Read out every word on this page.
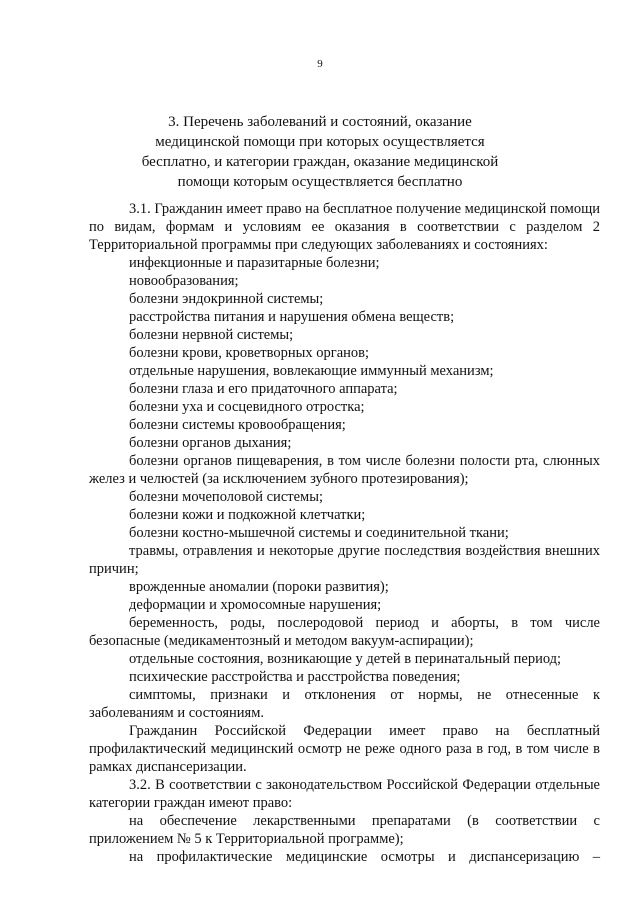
9
3. Перечень заболеваний и состояний, оказание
медицинской помощи при которых осуществляется
бесплатно, и категории граждан, оказание медицинской
помощи которым осуществляется бесплатно

3.1. Гражданин имеет право на бесплатное получение медицинской помощи по видам, формам и условиям ее оказания в соответствии с разделом 2 Территориальной программы при следующих заболеваниях и состояниях:

инфекционные и паразитарные болезни;

новообразования;

болезни эндокринной системы;

расстройства питания и нарушения обмена веществ;

болезни нервной системы;

болезни крови, кроветворных органов;

отдельные нарушения, вовлекающие иммунный механизм;

болезни глаза и его придаточного аппарата;

болезни уха и сосцевидного отростка;

болезни системы кровообращения;

болезни органов дыхания;

болезни органов пищеварения, в том числе болезни полости рта, слюнных желез и челюстей (за исключением зубного протезирования);

болезни мочеполовой системы;

болезни кожи и подкожной клетчатки;

болезни костно-мышечной системы и соединительной ткани;

травмы, отравления и некоторые другие последствия воздействия внешних причин;

врожденные аномалии (пороки развития);

деформации и хромосомные нарушения;

беременность, роды, послеродовой период и аборты, в том числе безопасные (медикаментозный и методом вакуум-аспирации);

отдельные состояния, возникающие у детей в перинатальный период;

психические расстройства и расстройства поведения;

симптомы, признаки и отклонения от нормы, не отнесенные к заболеваниям и состояниям.

Гражданин Российской Федерации имеет право на бесплатный профилактический медицинский осмотр не реже одного раза в год, в том числе в рамках диспансеризации.

3.2. В соответствии с законодательством Российской Федерации отдельные категории граждан имеют право:

на обеспечение лекарственными препаратами (в соответствии с приложением № 5 к Территориальной программе);

на профилактические медицинские осмотры и диспансеризацию –
